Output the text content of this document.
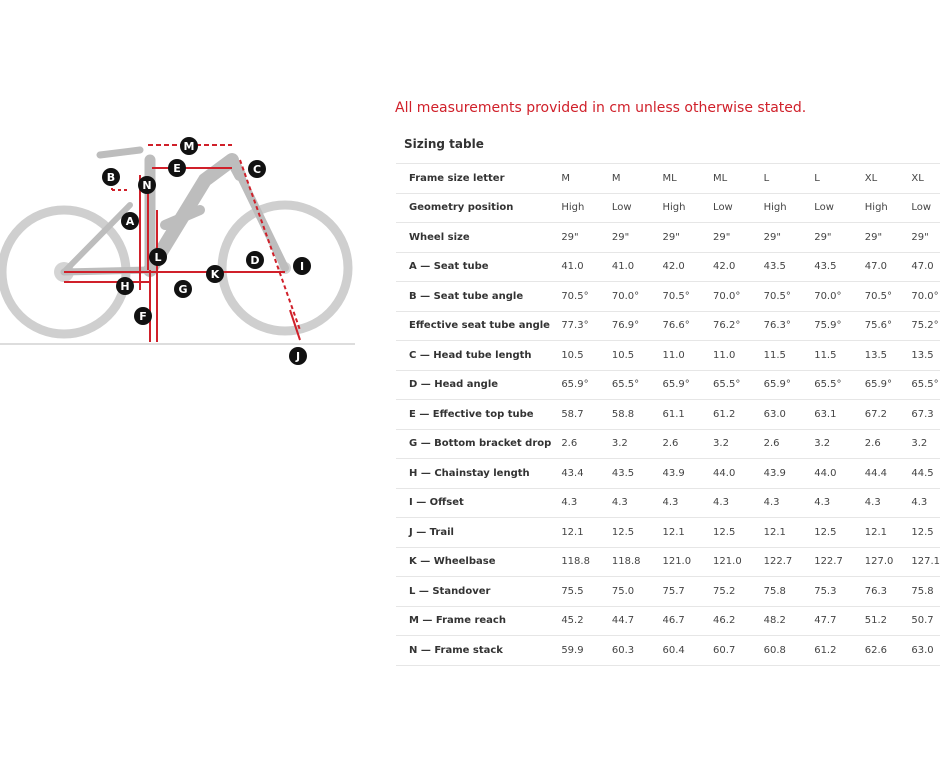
M
E	C
B
N
A
L	D	I
K
H	G
F
J
All measurements provided in cm unless otherwise stated.
Sizing table
Frame size letter	M	M	ML	ML	L	L	XL	XL
Geometry position	High	Low	High	Low	High	Low	High	Low
Wheel size	29"	29"	29"	29"	29"	29"	29"	29"
A — Seat tube	41.0	41.0	42.0	42.0	43.5	43.5	47.0	47.0
B — Seat tube angle	70.5°	70.0°	70.5°	70.0°	70.5°	70.0°	70.5°	70.0°
Effective seat tube angle	77.3°	76.9°	76.6°	76.2°	76.3°	75.9°	75.6°	75.2°
C — Head tube length	10.5	10.5	11.0	11.0	11.5	11.5	13.5	13.5
D — Head angle	65.9°	65.5°	65.9°	65.5°	65.9°	65.5°	65.9°	65.5°
E — Effective top tube	58.7	58.8	61.1	61.2	63.0	63.1	67.2	67.3
G — Bottom bracket drop	2.6	3.2	2.6	3.2	2.6	3.2	2.6	3.2
H — Chainstay length	43.4	43.5	43.9	44.0	43.9	44.0	44.4	44.5
I — Offset	4.3	4.3	4.3	4.3	4.3	4.3	4.3	4.3
J — Trail	12.1	12.5	12.1	12.5	12.1	12.5	12.1	12.5
K — Wheelbase	118.8	118.8	121.0	121.0	122.7	122.7	127.0	127.1
L — Standover	75.5	75.0	75.7	75.2	75.8	75.3	76.3	75.8
M — Frame reach	45.2	44.7	46.7	46.2	48.2	47.7	51.2	50.7
N — Frame stack	59.9	60.3	60.4	60.7	60.8	61.2	62.6	63.0
